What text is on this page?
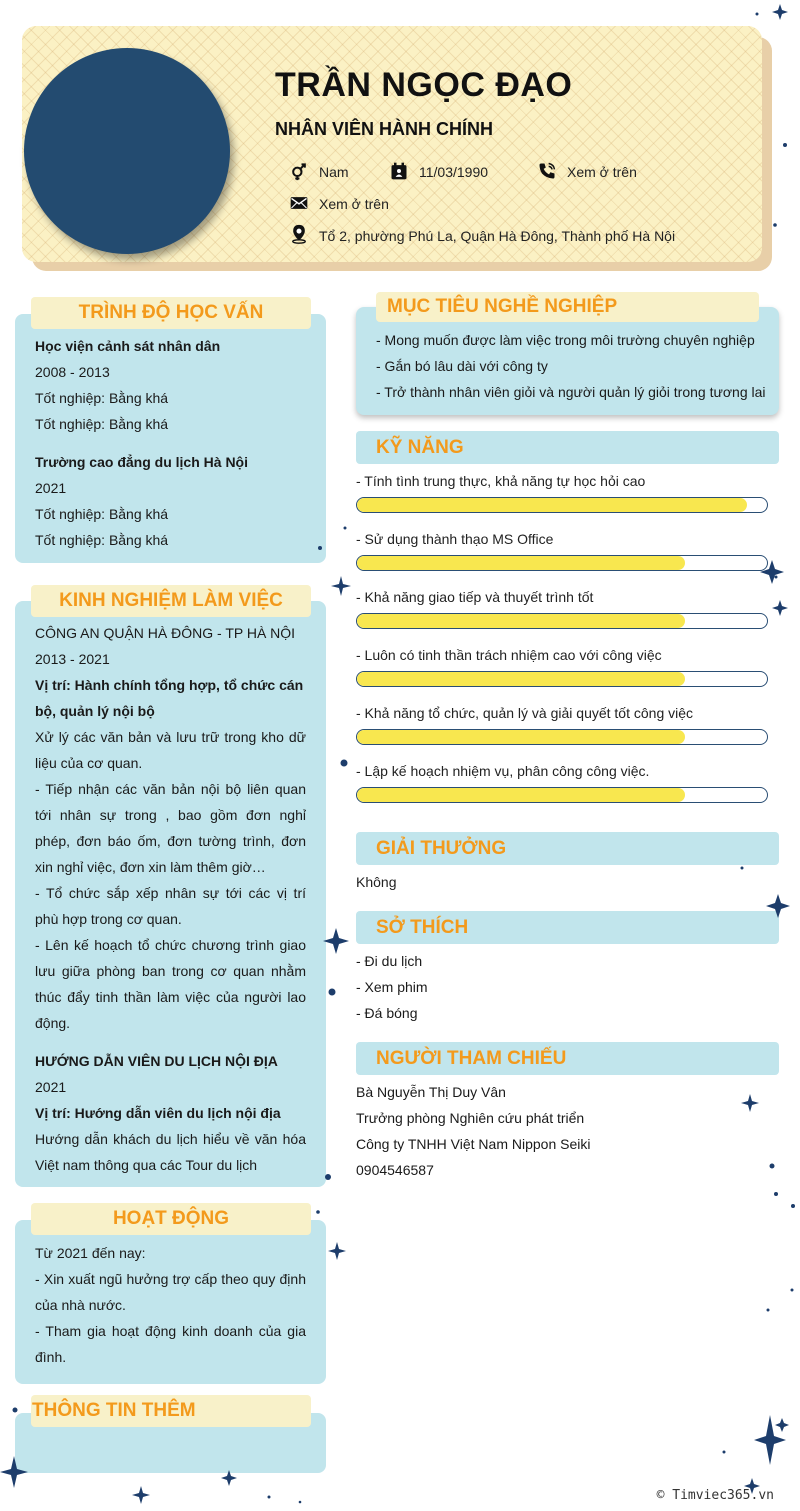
TRẦN NGỌC ĐẠO
NHÂN VIÊN HÀNH CHÍNH
Nam	11/03/1990	Xem ở trên
Xem ở trên
Tổ 2, phường Phú La, Quận Hà Đông, Thành phố Hà Nội
TRÌNH ĐỘ HỌC VẤN
Học viện cảnh sát nhân dân
2008 - 2013
Tốt nghiệp: Bằng khá
Tốt nghiệp: Bằng khá
Trường cao đẳng du lịch Hà Nội
2021
Tốt nghiệp: Bằng khá
Tốt nghiệp: Bằng khá
KINH NGHIỆM LÀM VIỆC
CÔNG AN QUẬN HÀ ĐÔNG - TP HÀ NỘI
2013 - 2021
Vị trí: Hành chính tổng hợp, tổ chức cán bộ, quản lý nội bộ
Xử lý các văn bản và lưu trữ trong kho dữ liệu của cơ quan.
- Tiếp nhận các văn bản nội bộ liên quan tới nhân sự trong , bao gồm đơn nghỉ phép, đơn báo ốm, đơn tường trình, đơn xin nghỉ việc, đơn xin làm thêm giờ…
- Tổ chức sắp xếp nhân sự tới các vị trí phù hợp trong cơ quan.
- Lên kế hoạch tổ chức chương trình giao lưu giữa phòng ban trong cơ quan nhằm thúc đẩy tinh thần làm việc của người lao động.
HƯỚNG DẪN VIÊN DU LỊCH NỘI ĐỊA
2021
Vị trí: Hướng dẫn viên du lịch nội địa
Hướng dẫn khách du lịch hiểu về văn hóa Việt nam thông qua các Tour du lịch
HOẠT ĐỘNG
Từ 2021 đến nay:
- Xin xuất ngũ hưởng trợ cấp theo quy định của nhà nước.
- Tham gia hoạt động kinh doanh của gia đình.
THÔNG TIN THÊM
MỤC TIÊU NGHỀ NGHIỆP
- Mong muốn được làm việc trong môi trường chuyên nghiệp
- Gắn bó lâu dài với công ty
- Trở thành nhân viên giỏi và người quản lý giỏi trong tương lai
KỸ NĂNG
- Tính tình trung thực, khả năng tự học hỏi cao
- Sử dụng thành thạo MS Office
- Khả năng giao tiếp và thuyết trình tốt
- Luôn có tinh thần trách nhiệm cao với công việc
- Khả năng tổ chức, quản lý và giải quyết tốt công việc
- Lập kế hoạch nhiệm vụ, phân công công việc.
GIẢI THƯỞNG
Không
SỞ THÍCH
- Đi du lịch
- Xem phim
- Đá bóng
NGƯỜI THAM CHIẾU
Bà Nguyễn Thị Duy Vân
Trưởng phòng Nghiên cứu phát triển
Công ty TNHH Việt Nam Nippon Seiki
0904546587
© Timviec365.vn
